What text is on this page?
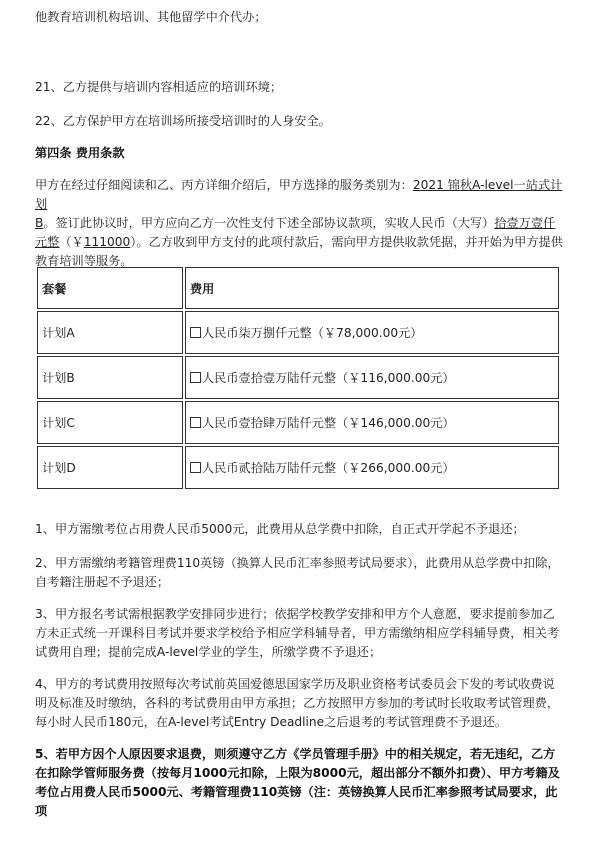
他教育培训机构培训、其他留学中介代办；
21、乙方提供与培训内容相适应的培训环境；
22、乙方保护甲方在培训场所接受培训时的人身安全。
第四条 费用条款
甲方在经过仔细阅读和乙、丙方详细介绍后，甲方选择的服务类别为：2021 锦秋A-level一站式计划
B。签订此协议时，甲方应向乙方一次性支付下述全部协议款项，实收人民币（大写）拾壹万壹仟
元整（￥111000）。乙方收到甲方支付的此项付款后，需向甲方提供收款凭据，并开始为甲方提供教育培训等服务。
套餐	费用
计划A	人民币柒万捌仟元整（￥78,000.00元）
计划B	人民币壹拾壹万陆仟元整（￥116,000.00元）
计划C	人民币壹拾肆万陆仟元整（￥146,000.00元）
计划D	人民币贰拾陆万陆仟元整（￥266,000.00元）
1、甲方需缴考位占用费人民币5000元，此费用从总学费中扣除，自正式开学起不予退还；
2、甲方需缴纳考籍管理费110英镑（换算人民币汇率参照考试局要求），此费用从总学费中扣除，自考籍注册起不予退还；
3、甲方报名考试需根据教学安排同步进行；依据学校教学安排和甲方个人意愿，要求提前参加乙方未正式统一开课科目考试并要求学校给予相应学科辅导者，甲方需缴纳相应学科辅导费，相关考试费用自理；提前完成A-level学业的学生，所缴学费不予退还；
4、甲方的考试费用按照每次考试前英国爱德思国家学历及职业资格考试委员会下发的考试收费说明及标准及时缴纳，各科的考试费用由甲方承担；乙方按照甲方参加的考试时长收取考试管理费，每小时人民币180元，在A-level考试Entry Deadline之后退考的考试管理费不予退还。
5、若甲方因个人原因要求退费，则须遵守乙方《学员管理手册》中的相关规定，若无违纪，乙方在扣除学管师服务费（按每月1000元扣除，上限为8000元，超出部分不额外扣费）、甲方考籍及考位占用费人民币5000元、考籍管理费110英镑（注：英镑换算人民币汇率参照考试局要求，此项
